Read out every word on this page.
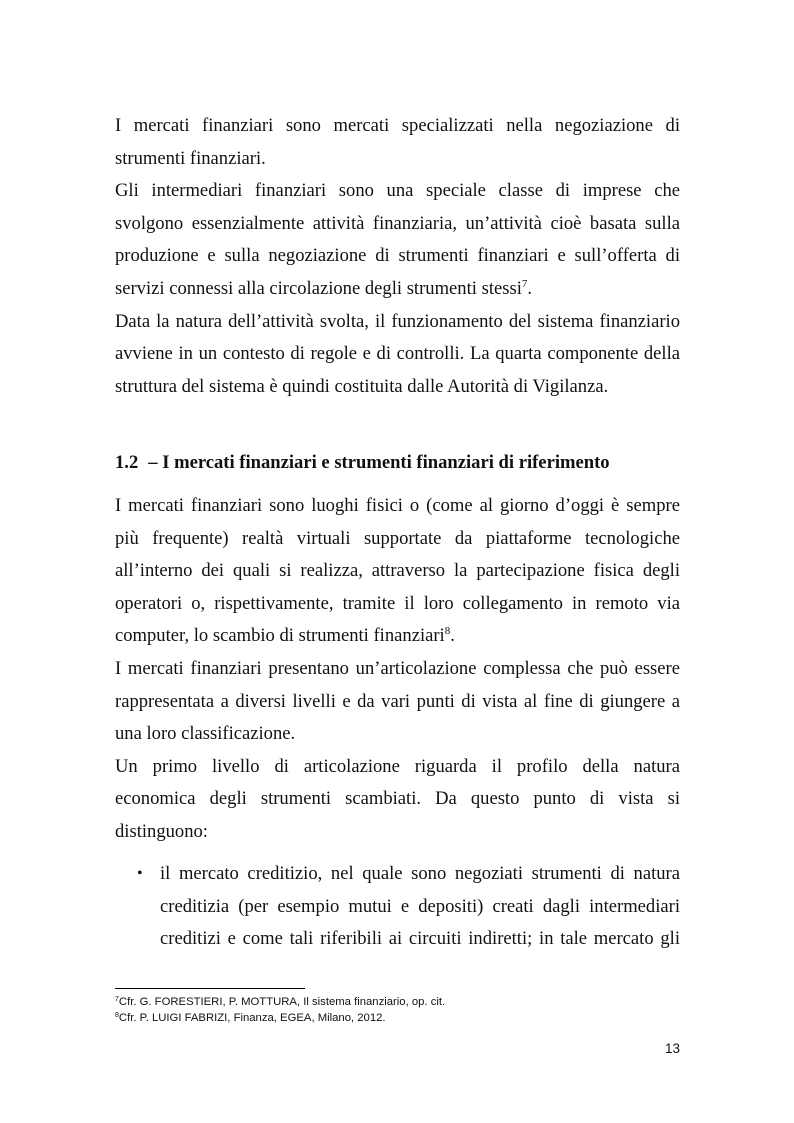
I mercati finanziari sono mercati specializzati nella negoziazione di
strumenti finanziari.
Gli intermediari finanziari sono una speciale classe di imprese che
svolgono essenzialmente attività finanziaria, un’attività cioè basata sulla
produzione e sulla negoziazione di strumenti finanziari e sull’offerta di
servizi connessi alla circolazione degli strumenti stessi$^7$.
Data la natura dell’attività svolta, il funzionamento del sistema finanziario
avviene in un contesto di regole e di controlli. La quarta componente della
struttura del sistema è quindi costituita dalle Autorità di Vigilanza.
1.2 – I mercati finanziari e strumenti finanziari di riferimento
I mercati finanziari sono luoghi fisici o (come al giorno d’oggi è sempre
più frequente) realtà virtuali supportate da piattaforme tecnologiche
all’interno dei quali si realizza, attraverso la partecipazione fisica degli
operatori o, rispettivamente, tramite il loro collegamento in remoto via
computer, lo scambio di strumenti finanziari$^8$.
I mercati finanziari presentano un’articolazione complessa che può essere
rappresentata a diversi livelli e da vari punti di vista al fine di giungere a
una loro classificazione.
Un primo livello di articolazione riguarda il profilo della natura
economica degli strumenti scambiati. Da questo punto di vista si
distinguono:
• il mercato creditizio, nel quale sono negoziati strumenti di natura
creditizia (per esempio mutui e depositi) creati dagli intermediari
creditizi e come tali riferibili ai circuiti indiretti; in tale mercato gli
$^7$Cfr. G. FORESTIERI, P. MOTTURA, Il sistema finanziario, op. cit.
$^8$Cfr. P. LUIGI FABRIZI, Finanza, EGEA, Milano, 2012.
13
